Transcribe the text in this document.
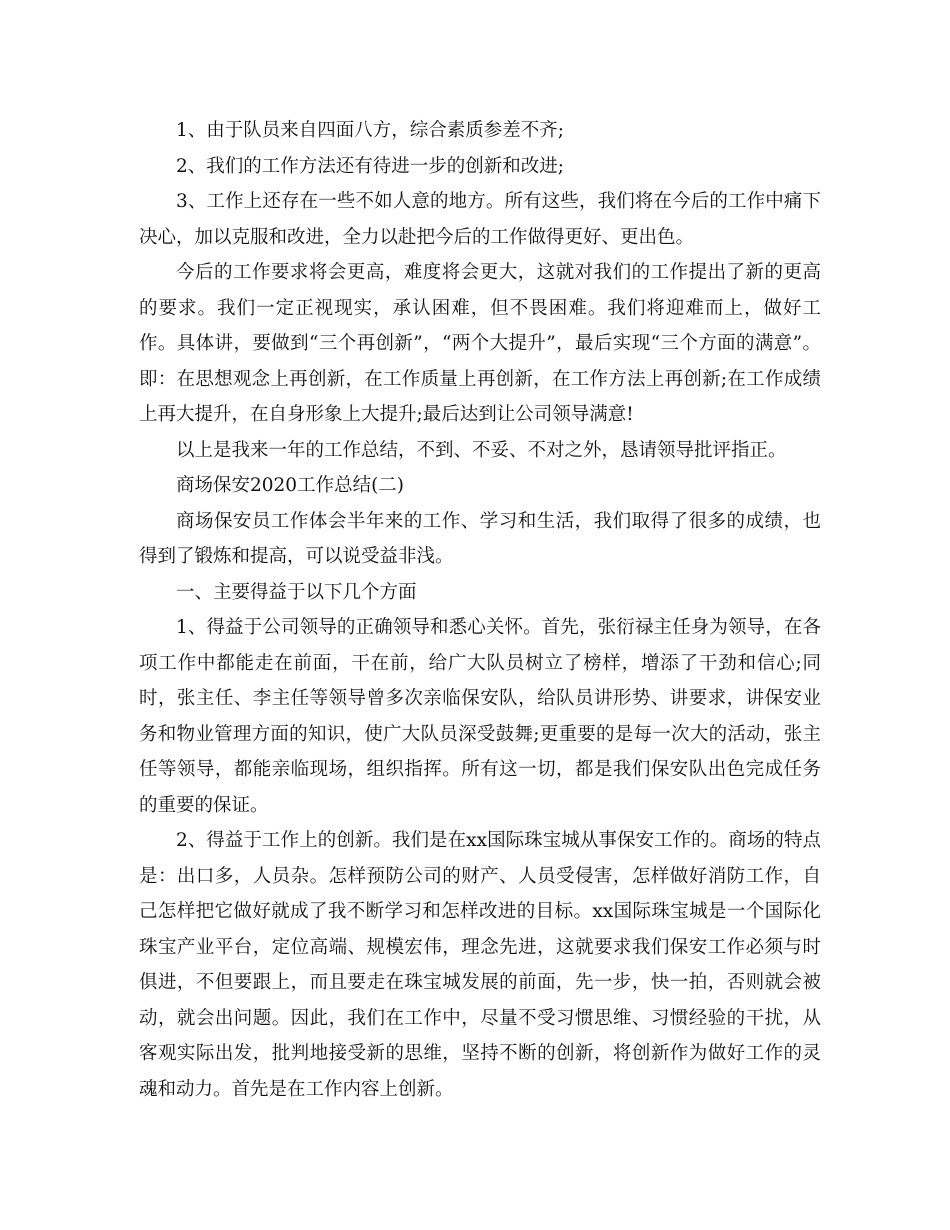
1、由于队员来自四面八方，综合素质参差不齐;

2、我们的工作方法还有待进一步的创新和改进;

3、工作上还存在一些不如人意的地方。所有这些，我们将在今后的工作中痛下决心，加以克服和改进，全力以赴把今后的工作做得更好、更出色。

今后的工作要求将会更高，难度将会更大，这就对我们的工作提出了新的更高的要求。我们一定正视现实，承认困难，但不畏困难。我们将迎难而上，做好工作。具体讲，要做到“三个再创新”，“两个大提升”，最后实现“三个方面的满意”。即：在思想观念上再创新，在工作质量上再创新，在工作方法上再创新;在工作成绩上再大提升，在自身形象上大提升;最后达到让公司领导满意!

以上是我来一年的工作总结，不到、不妥、不对之外，恳请领导批评指正。

商场保安2020工作总结(二)

商场保安员工作体会半年来的工作、学习和生活，我们取得了很多的成绩，也得到了锻炼和提高，可以说受益非浅。

一、主要得益于以下几个方面

1、得益于公司领导的正确领导和悉心关怀。首先，张衍禄主任身为领导，在各项工作中都能走在前面，干在前，给广大队员树立了榜样，增添了干劲和信心;同时，张主任、李主任等领导曾多次亲临保安队，给队员讲形势、讲要求，讲保安业务和物业管理方面的知识，使广大队员深受鼓舞;更重要的是每一次大的活动，张主任等领导，都能亲临现场，组织指挥。所有这一切，都是我们保安队出色完成任务的重要的保证。

2、得益于工作上的创新。我们是在xx国际珠宝城从事保安工作的。商场的特点是：出口多，人员杂。怎样预防公司的财产、人员受侵害，怎样做好消防工作，自己怎样把它做好就成了我不断学习和怎样改进的目标。xx国际珠宝城是一个国际化珠宝产业平台，定位高端、规模宏伟，理念先进，这就要求我们保安工作必须与时俱进，不但要跟上，而且要走在珠宝城发展的前面，先一步，快一拍，否则就会被动，就会出问题。因此，我们在工作中，尽量不受习惯思维、习惯经验的干扰，从客观实际出发，批判地接受新的思维，坚持不断的创新，将创新作为做好工作的灵魂和动力。首先是在工作内容上创新。
